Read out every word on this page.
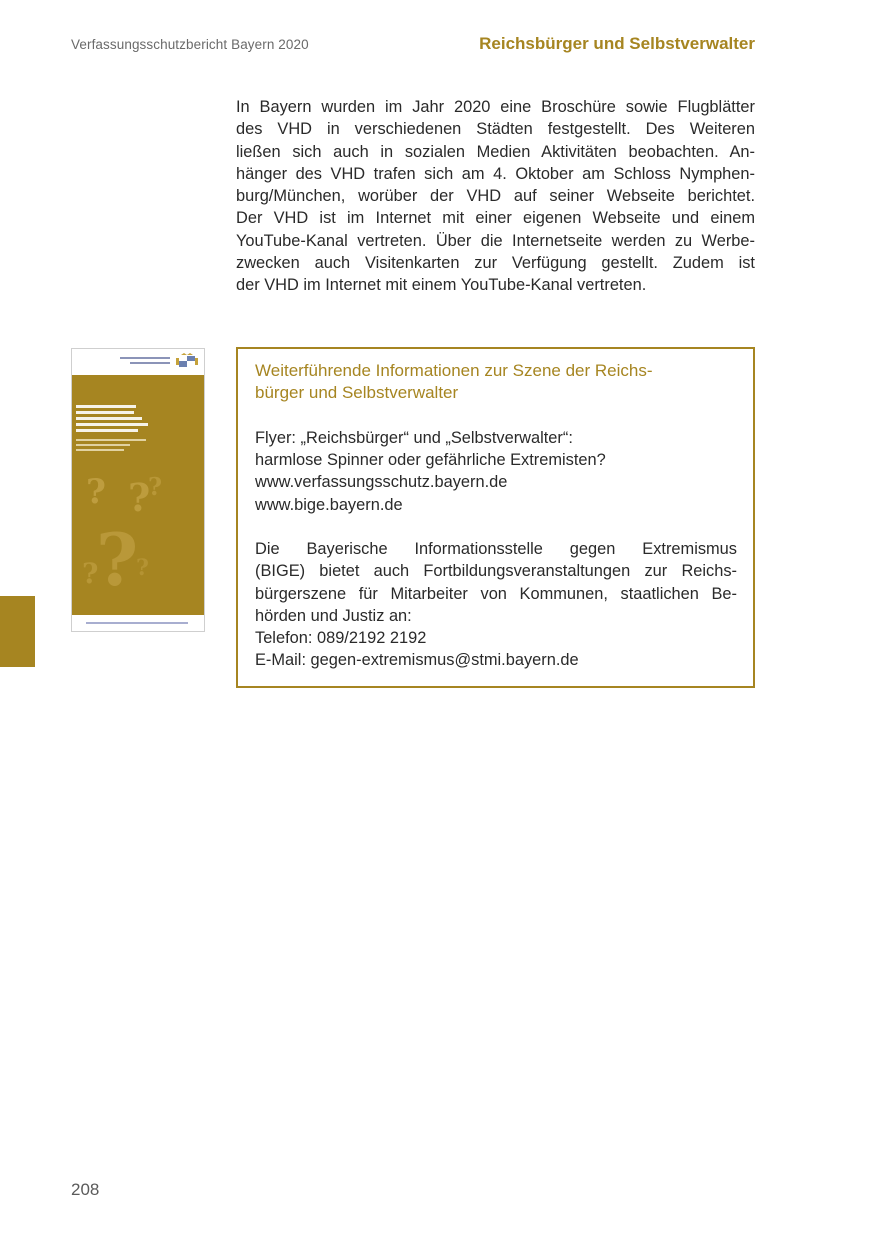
Verfassungsschutzbericht Bayern 2020	Reichsbürger und Selbstverwalter

In Bayern wurden im Jahr 2020 eine Broschüre sowie Flugblätter

des VHD in verschiedenen Städten festgestellt. Des Weiteren

ließen sich auch in sozialen Medien Aktivitäten beobachten. An-

hänger des VHD trafen sich am 4. Oktober am Schloss Nymphen-

burg/München, worüber der VHD auf seiner Webseite berichtet.

Der VHD ist im Internet mit einer eigenen Webseite und einem

YouTube-Kanal vertreten. Über die Internetseite werden zu Werbe-

zwecken auch Visitenkarten zur Verfügung gestellt. Zudem ist

der VHD im Internet mit einem YouTube-Kanal vertreten.

? ?
?
?
? ?

Weiterführende Informationen zur Szene der Reichs-

bürger und Selbstverwalter

Flyer: „Reichsbürger“ und „Selbstverwalter“:

harmlose Spinner oder gefährliche Extremisten?

www.verfassungsschutz.bayern.de

www.bige.bayern.de

Die Bayerische Informationsstelle gegen Extremismus

(BIGE) bietet auch Fortbildungsveranstaltungen zur Reichs-

bürgerszene für Mitarbeiter von Kommunen, staatlichen Be-

hörden und Justiz an:

Telefon: 089/2192 2192

E-Mail: gegen-extremismus@stmi.bayern.de

208
